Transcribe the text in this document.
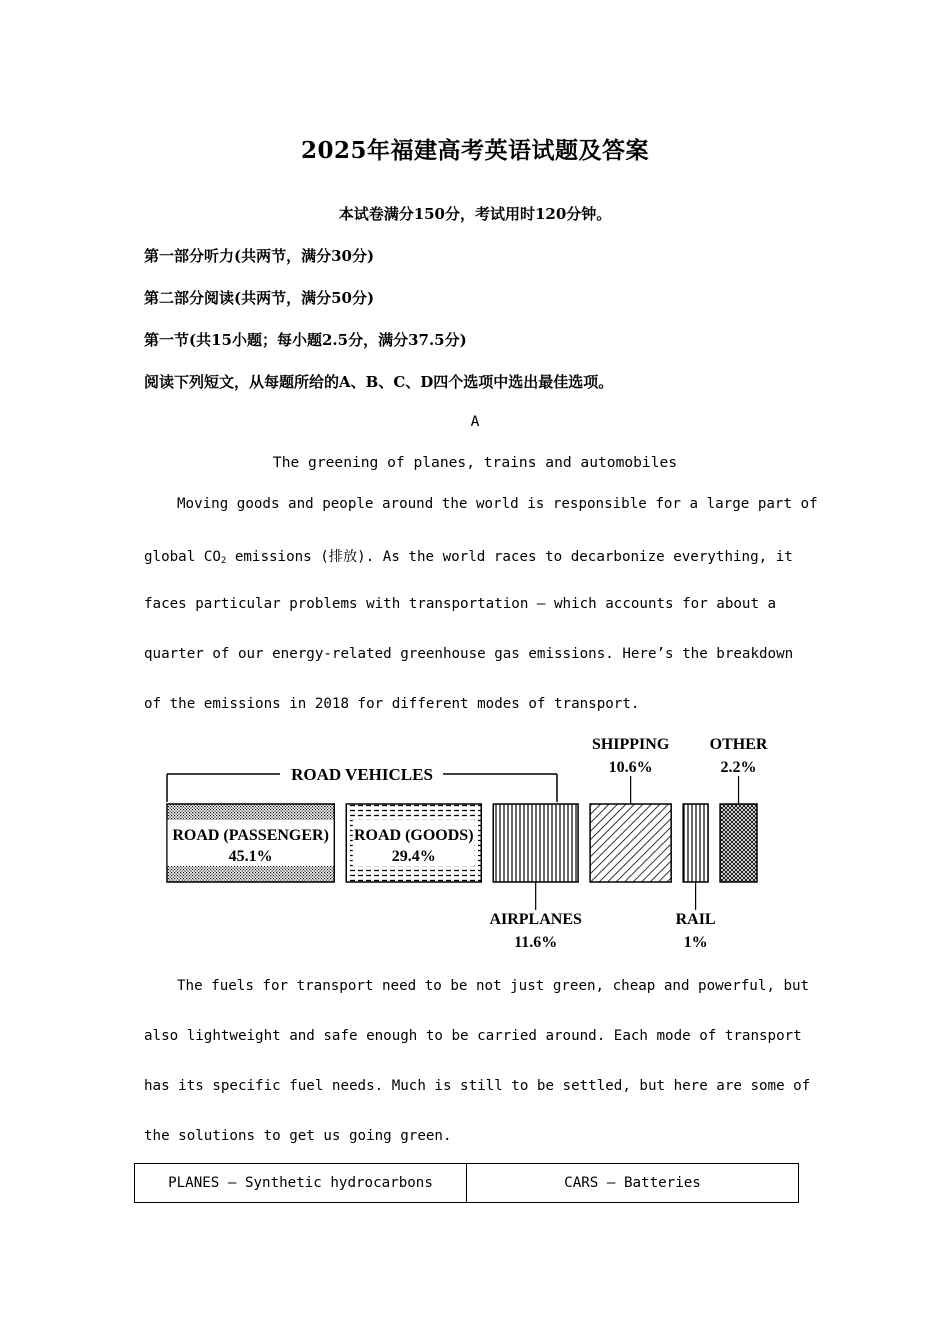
2025年福建高考英语试题及答案
本试卷满分150分，考试用时120分钟。
第一部分听力(共两节，满分30分)
第二部分阅读(共两节，满分50分)
第一节(共15小题；每小题2.5分，满分37.5分)
阅读下列短文，从每题所给的A、B、C、D四个选项中选出最佳选项。
A
The greening of planes, trains and automobiles
Moving goods and people around the world is responsible for a large part of
global $CO_2$ emissions (排放). As the world races to decarbonize everything, it
faces particular problems with transportation — which accounts for about a
quarter of our energy-related greenhouse gas emissions. Here’s the breakdown
of the emissions in 2018 for different modes of transport.
ROAD VEHICLES
ROAD (PASSENGER)
45.1%
ROAD (GOODS)
29.4%
AIRPLANES
11.6%
SHIPPING
10.6%
RAIL
1%
OTHER
2.2%
The fuels for transport need to be not just green, cheap and powerful, but
also lightweight and safe enough to be carried around. Each mode of transport
has its specific fuel needs. Much is still to be settled, but here are some of
the solutions to get us going green.
PLANES — Synthetic hydrocarbons	CARS — Batteries
